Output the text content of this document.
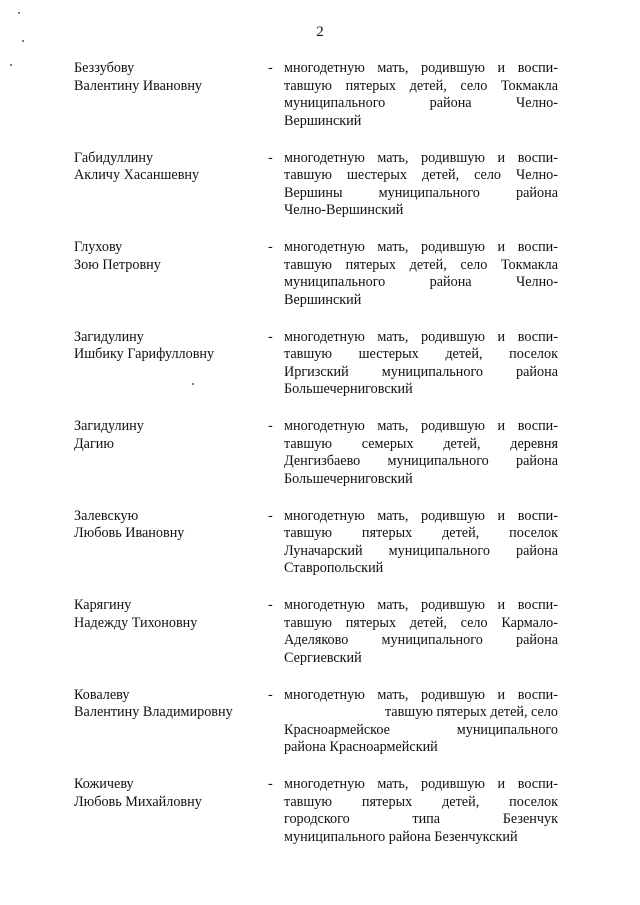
2
Беззубову
Валентину Ивановну
- многодетную мать, родившую и воспи-
тавшую пятерых детей, село Токмакла
муниципального района Челно-
Вершинский
Габидуллину
Акличу Хасаншевну
- многодетную мать, родившую и воспи-
тавшую шестерых детей, село Челно-
Вершины муниципального района
Челно-Вершинский
Глухову
Зою Петровну
- многодетную мать, родившую и воспи-
тавшую пятерых детей, село Токмакла
муниципального района Челно-
Вершинский
Загидулину
Ишбику Гарифулловну
- многодетную мать, родившую и воспи-
тавшую шестерых детей, поселок
Иргизский муниципального района
Большечерниговский
Загидулину
Дагию
- многодетную мать, родившую и воспи-
тавшую семерых детей, деревня
Денгизбаево муниципального района
Большечерниговский
Залевскую
Любовь Ивановну
- многодетную мать, родившую и воспи-
тавшую пятерых детей, поселок
Луначарский муниципального района
Ставропольский
Карягину
Надежду Тихоновну
- многодетную мать, родившую и воспи-
тавшую пятерых детей, село Кармало-
Аделяково муниципального района
Сергиевский
Ковалеву
Валентину Владимировну
- многодетную мать, родившую и воспи-
тавшую пятерых детей, село
Красноармейское муниципального
района Красноармейский
Кожичеву
Любовь Михайловну
- многодетную мать, родившую и воспи-
тавшую пятерых детей, поселок
городского типа Безенчук
муниципального района Безенчукский
